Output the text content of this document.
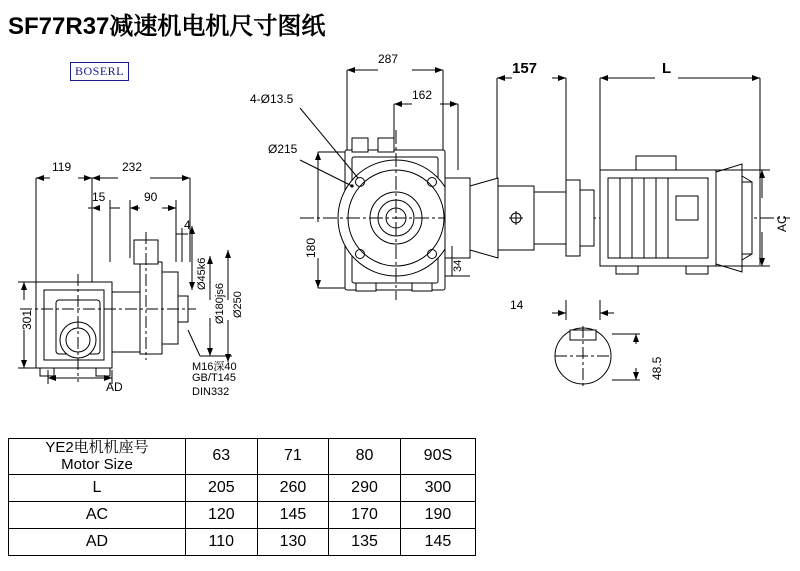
SF77R37减速机电机尺寸图纸
BOSERL
287
157	L
4-Ø13.5	162
Ø215
180
34
AC
119	232
15	90
4
Ø45k6
Ø180js6 Ø250
301
AD
M16深40
GB/T145
DIN332
14
48.5
YE2电机机座号
Motor Size	63	71	80	90S
L	205	260	290	300
AC	120	145	170	190
AD	110	130	135	145
